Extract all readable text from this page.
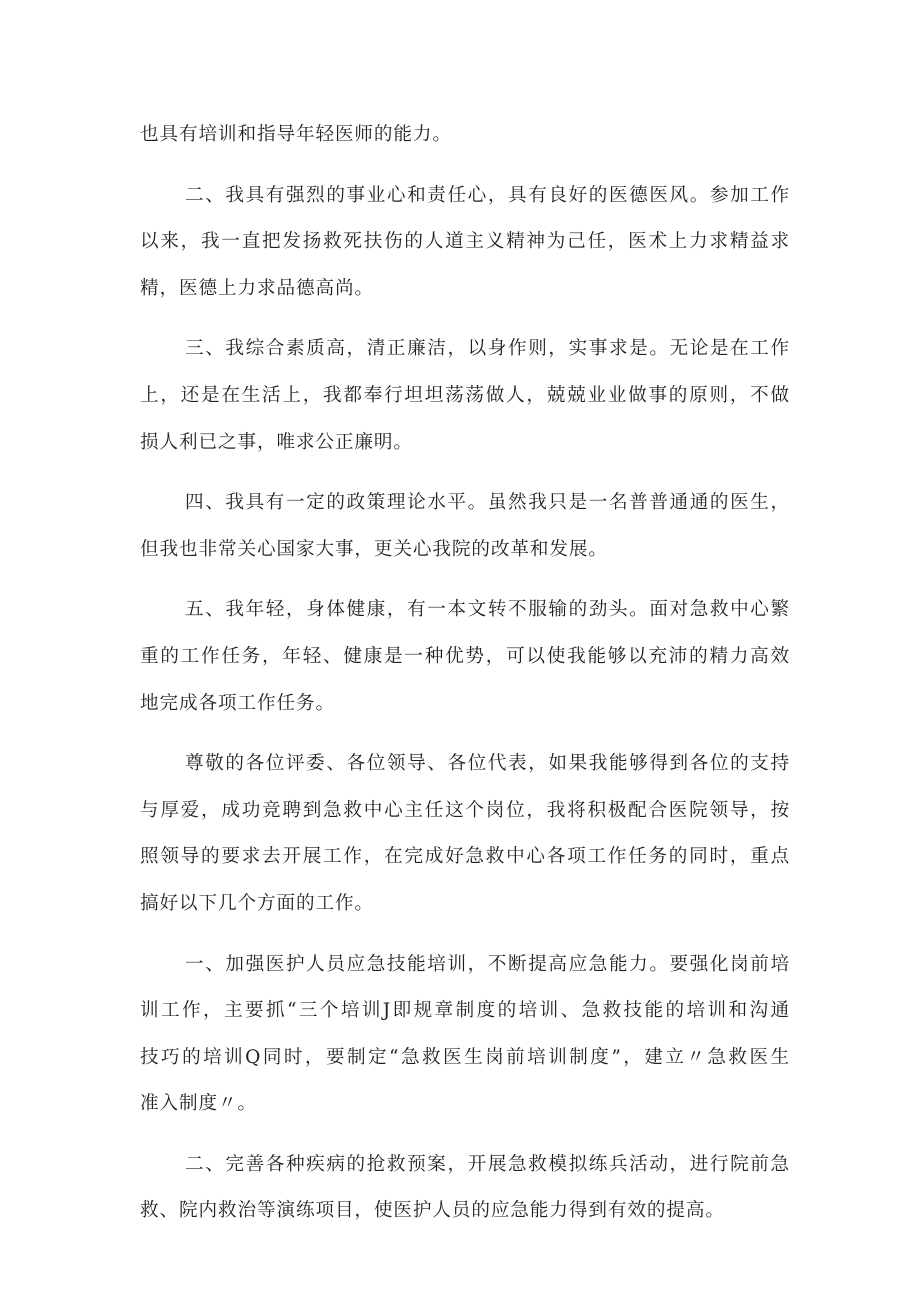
也具有培训和指导年轻医师的能力。
二、我具有强烈的事业心和责任心，具有良好的医德医风。参加工作
以来，我一直把发扬救死扶伤的人道主义精神为己任，医术上力求精益求
精，医德上力求品德高尚。
三、我综合素质高，清正廉洁，以身作则，实事求是。无论是在工作
上，还是在生活上，我都奉行坦坦荡荡做人，兢兢业业做事的原则，不做
损人利已之事，唯求公正廉明。
四、我具有一定的政策理论水平。虽然我只是一名普普通通的医生，
但我也非常关心国家大事，更关心我院的改革和发展。
五、我年轻，身体健康，有一本文转不服输的劲头。面对急救中心繁
重的工作任务，年轻、健康是一种优势，可以使我能够以充沛的精力高效
地完成各项工作任务。
尊敬的各位评委、各位领导、各位代表，如果我能够得到各位的支持
与厚爱，成功竞聘到急救中心主任这个岗位，我将积极配合医院领导，按
照领导的要求去开展工作，在完成好急救中心各项工作任务的同时，重点
搞好以下几个方面的工作。
一、加强医护人员应急技能培训，不断提高应急能力。要强化岗前培
训工作，主要抓“三个培训J即规章制度的培训、急救技能的培训和沟通
技巧的培训Q同时，要制定“急救医生岗前培训制度”，建立〃急救医生
准入制度〃。
二、完善各种疾病的抢救预案，开展急救模拟练兵活动，进行院前急
救、院内救治等演练项目，使医护人员的应急能力得到有效的提高。
